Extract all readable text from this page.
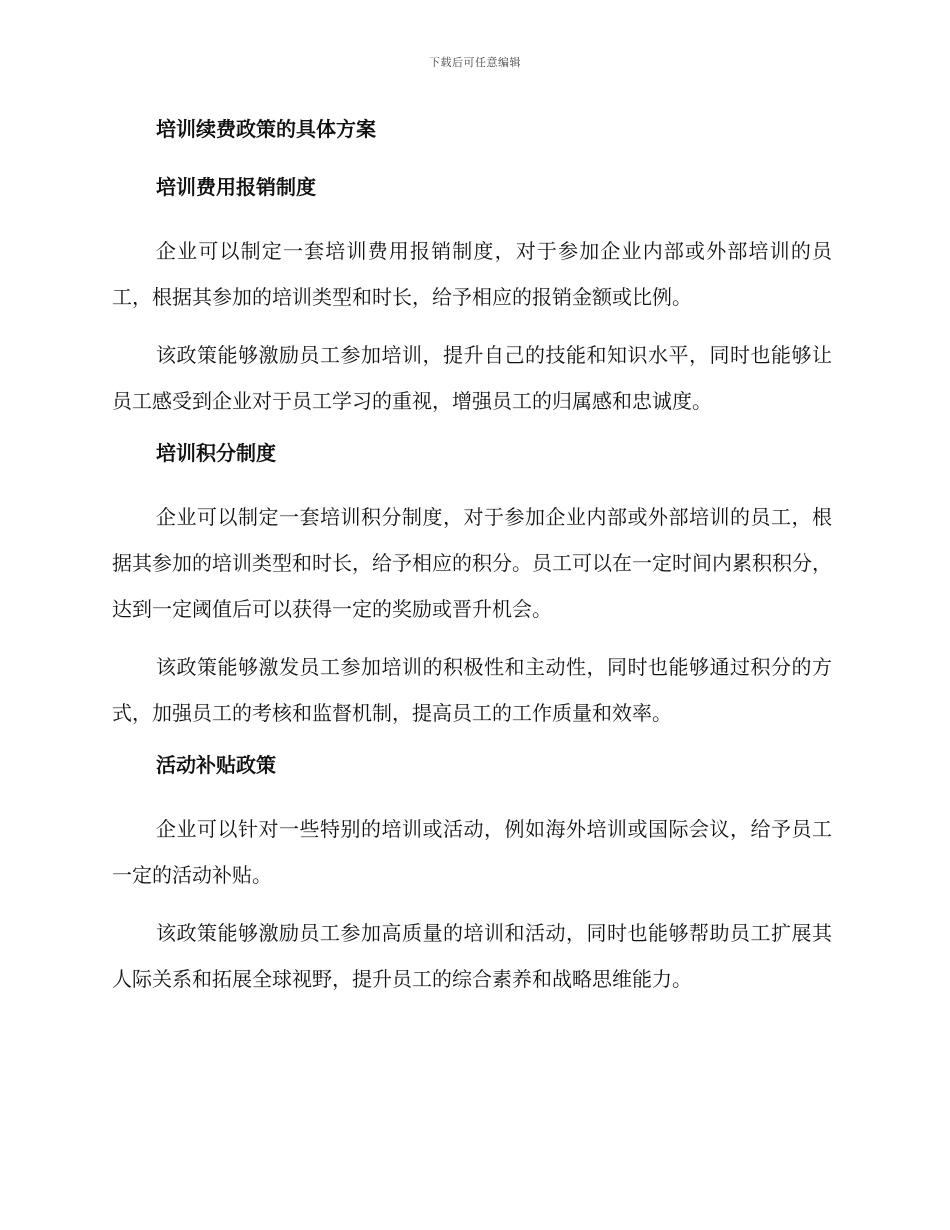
下载后可任意编辑
培训续费政策的具体方案
培训费用报销制度

企业可以制定一套培训费用报销制度，对于参加企业内部或外部培训的员工，根据其参加的培训类型和时长，给予相应的报销金额或比例。

该政策能够激励员工参加培训，提升自己的技能和知识水平，同时也能够让员工感受到企业对于员工学习的重视，增强员工的归属感和忠诚度。

培训积分制度

企业可以制定一套培训积分制度，对于参加企业内部或外部培训的员工，根据其参加的培训类型和时长，给予相应的积分。员工可以在一定时间内累积积分，达到一定阈值后可以获得一定的奖励或晋升机会。

该政策能够激发员工参加培训的积极性和主动性，同时也能够通过积分的方式，加强员工的考核和监督机制，提高员工的工作质量和效率。

活动补贴政策

企业可以针对一些特别的培训或活动，例如海外培训或国际会议，给予员工一定的活动补贴。

该政策能够激励员工参加高质量的培训和活动，同时也能够帮助员工扩展其人际关系和拓展全球视野，提升员工的综合素养和战略思维能力。
